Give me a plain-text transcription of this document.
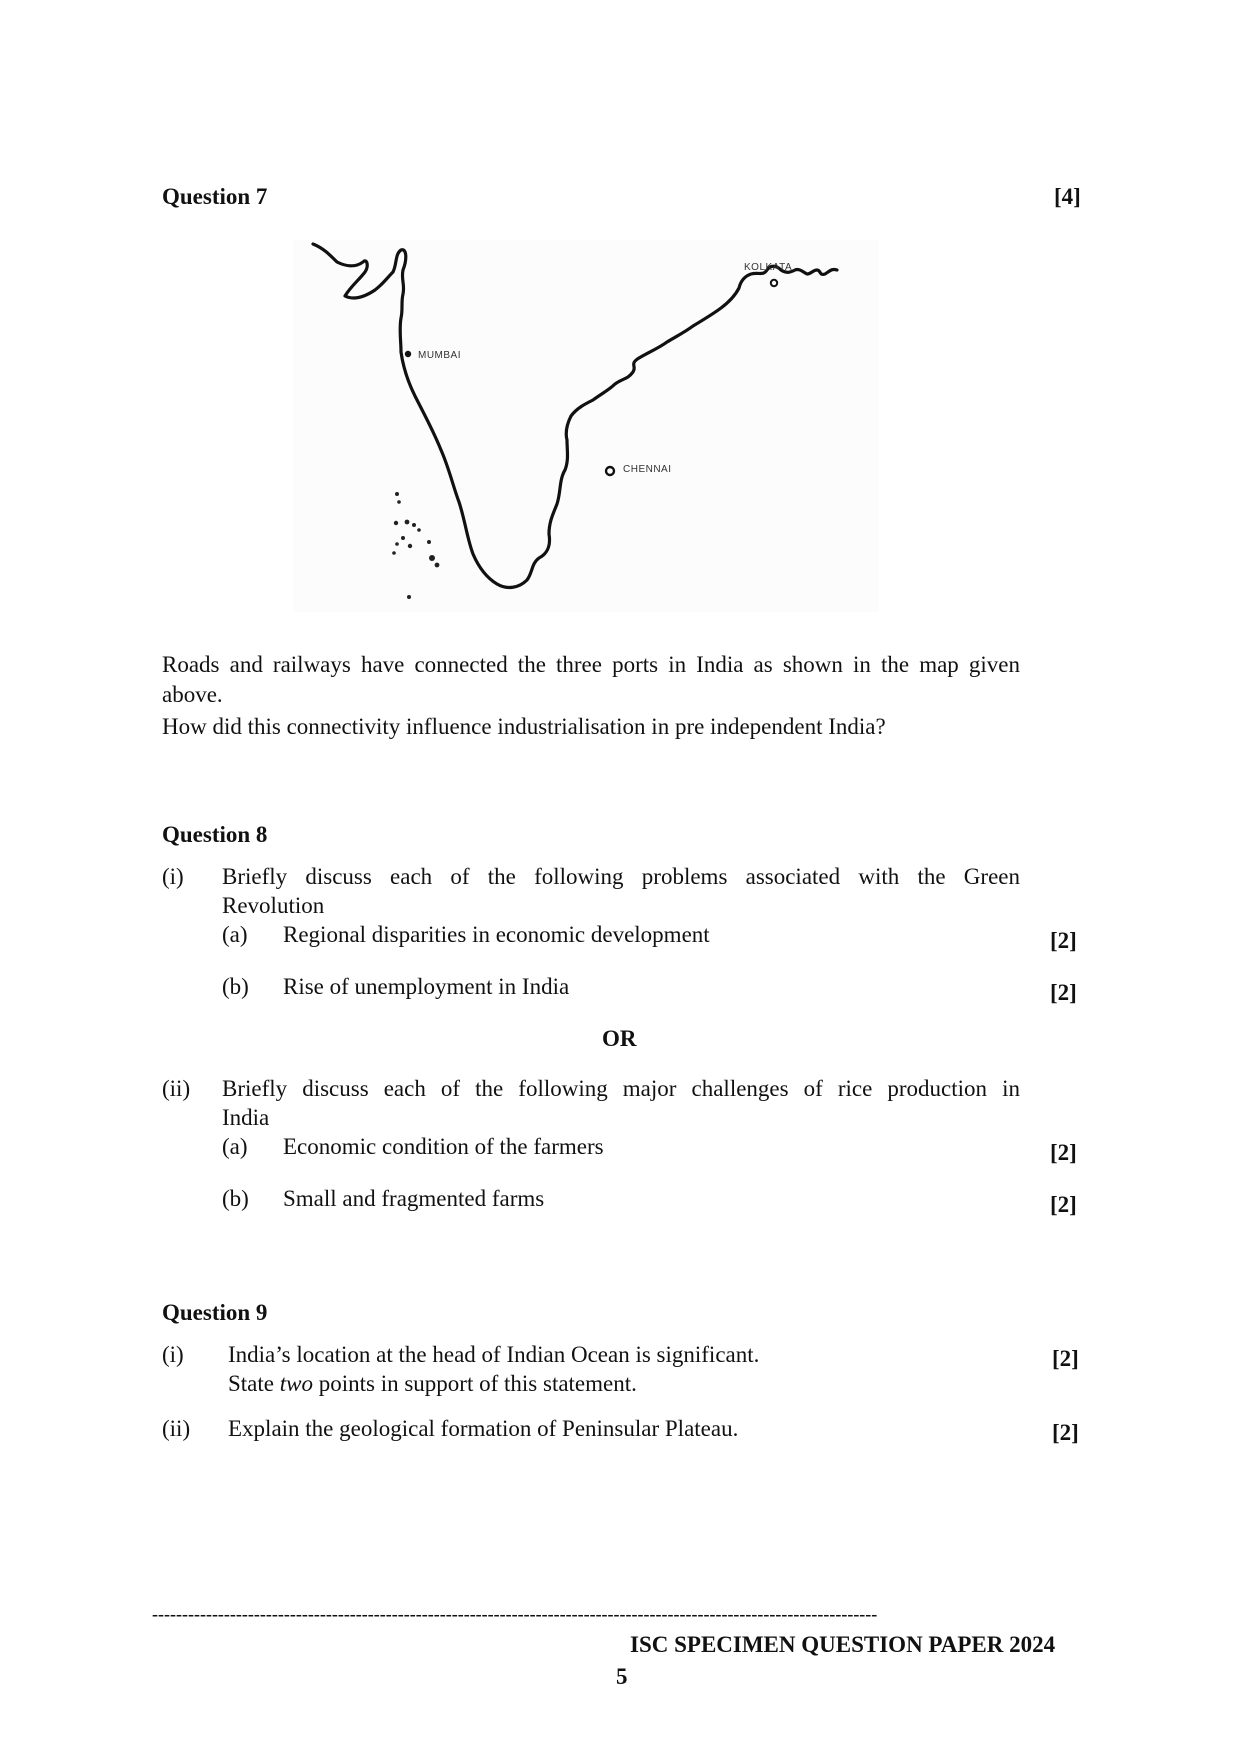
Question 7	[4]
KOLKATA
MUMBAI
CHENNAI
Roads and railways have connected the three ports in India as shown in the map given
above.
How did this connectivity influence industrialisation in pre independent India?
Question 8
(i) Briefly discuss each of the following problems associated with the Green
Revolution
(a) Regional disparities in economic development	[2]
(b) Rise of unemployment in India	[2]
OR
(ii) Briefly discuss each of the following major challenges of rice production in
India
(a) Economic condition of the farmers	[2]
(b) Small and fragmented farms	[2]
Question 9
(i) India’s location at the head of Indian Ocean is significant.
State two points in support of this statement.
[2]
(ii) Explain the geological formation of Peninsular Plateau.	[2]
-------------------------------------------------------------------------------------------------------------------------
ISC SPECIMEN QUESTION PAPER 2024
5
